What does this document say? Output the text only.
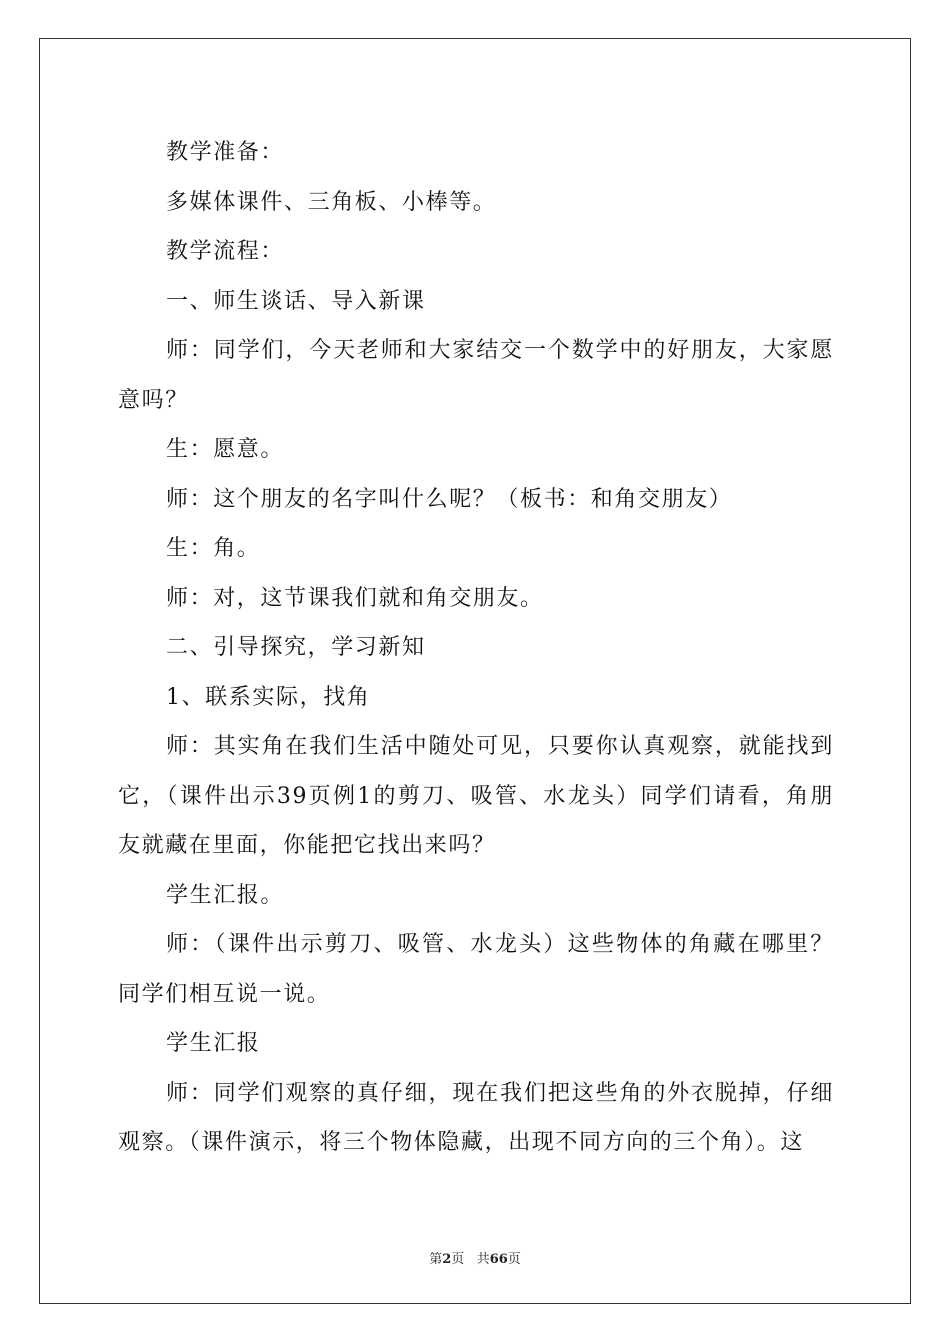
教学准备：

多媒体课件、三角板、小棒等。

教学流程：

一、师生谈话、导入新课

师：同学们，今天老师和大家结交一个数学中的好朋友，大家愿意吗？

生：愿意。

师：这个朋友的名字叫什么呢？（板书：和角交朋友）

生：角。

师：对，这节课我们就和角交朋友。

二、引导探究，学习新知

1、联系实际，找角

师：其实角在我们生活中随处可见，只要你认真观察，就能找到它，（课件出示39页例1的剪刀、吸管、水龙头）同学们请看，角朋友就藏在里面，你能把它找出来吗？

学生汇报。

师：（课件出示剪刀、吸管、水龙头）这些物体的角藏在哪里？同学们相互说一说。

学生汇报

师：同学们观察的真仔细，现在我们把这些角的外衣脱掉，仔细观察。（课件演示，将三个物体隐藏，出现不同方向的三个角）。这

第2页 共66页
